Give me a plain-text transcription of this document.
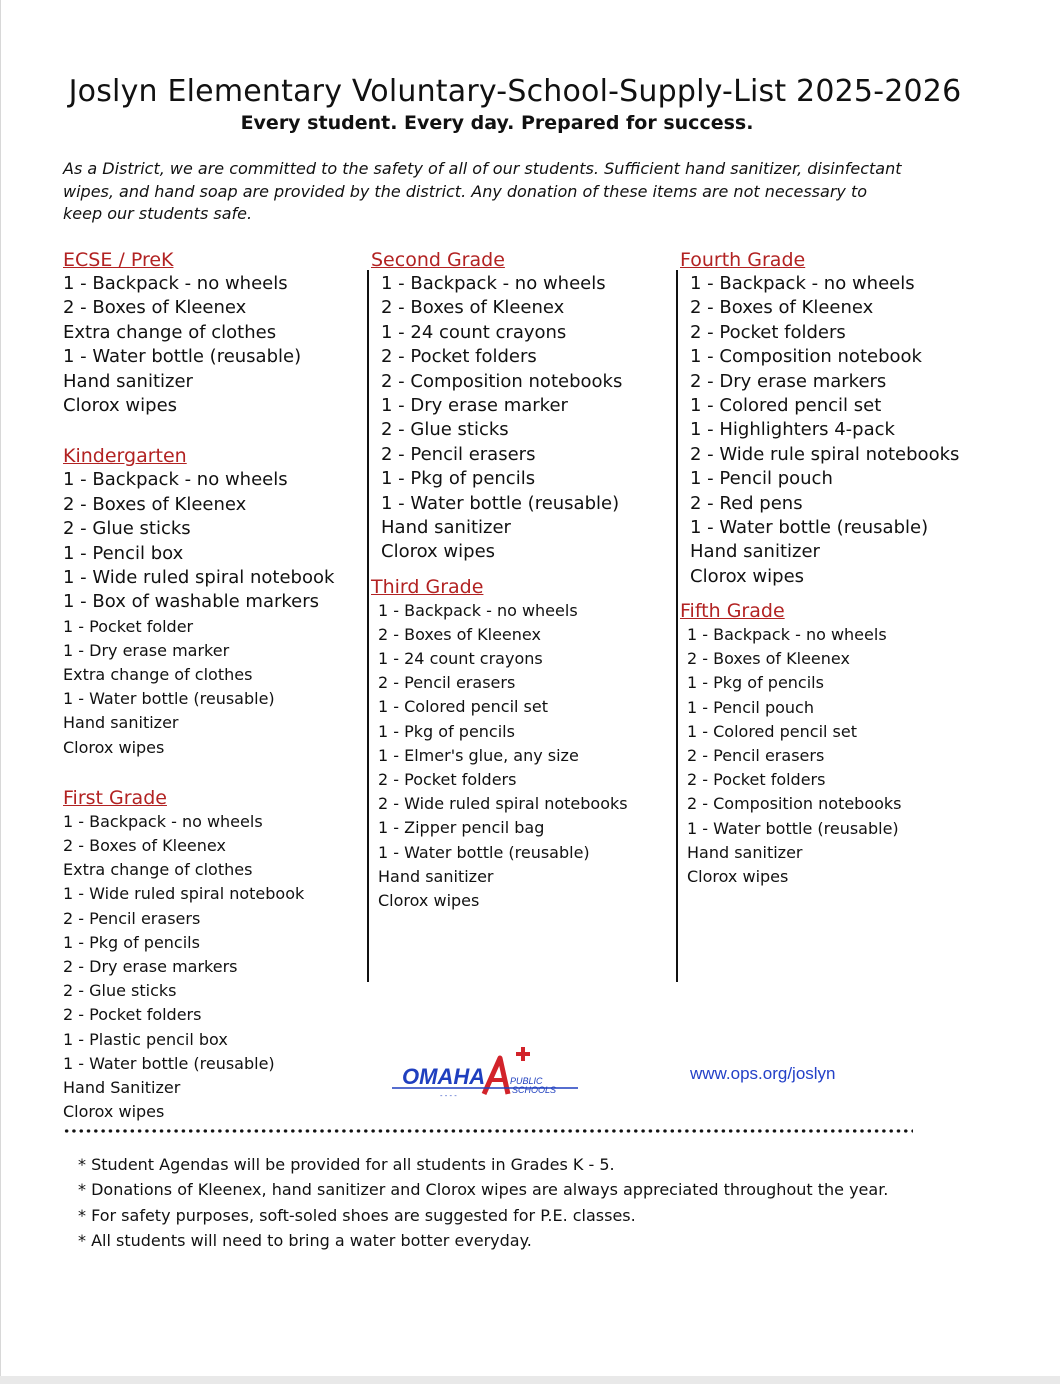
Joslyn Elementary Voluntary-School-Supply-List 2025-2026
Every student. Every day. Prepared for success.
As a District, we are committed to the safety of all of our students. Sufficient hand sanitizer, disinfectant
wipes, and hand soap are provided by the district. Any donation of these items are not necessary to
keep our students safe.
ECSE / PreK
1 - Backpack - no wheels
2 - Boxes of Kleenex
Extra change of clothes
1 - Water bottle (reusable)
Hand sanitizer
Clorox wipes
Kindergarten
1 - Backpack - no wheels
2 - Boxes of Kleenex
2 - Glue sticks
1 - Pencil box
1 - Wide ruled spiral notebook
1 - Box of washable markers
1 - Pocket folder
1 - Dry erase marker
Extra change of clothes
1 - Water bottle (reusable)
Hand sanitizer
Clorox wipes
First Grade
1 - Backpack - no wheels
2 - Boxes of Kleenex
Extra change of clothes
1 - Wide ruled spiral notebook
2 - Pencil erasers
1 - Pkg of pencils
2 - Dry erase markers
2 - Glue sticks
2 - Pocket folders
1 - Plastic pencil box
1 - Water bottle (reusable)
Hand Sanitizer
Clorox wipes
Second Grade
1 - Backpack - no wheels
2 - Boxes of Kleenex
1 - 24 count crayons
2 - Pocket folders
2 - Composition notebooks
1 - Dry erase marker
2 - Glue sticks
2 - Pencil erasers
1 - Pkg of pencils
1 - Water bottle (reusable)
Hand sanitizer
Clorox wipes
Third Grade
1 - Backpack - no wheels
2 - Boxes of Kleenex
1 - 24 count crayons
2 - Pencil erasers
1 - Colored pencil set
1 - Pkg of pencils
1 - Elmer's glue, any size
2 - Pocket folders
2 - Wide ruled spiral notebooks
1 - Zipper pencil bag
1 - Water bottle (reusable)
Hand sanitizer
Clorox wipes
Fourth Grade
1 - Backpack - no wheels
2 - Boxes of Kleenex
2 - Pocket folders
1 - Composition notebook
2 - Dry erase markers
1 - Colored pencil set
1 - Highlighters 4-pack
2 - Wide rule spiral notebooks
1 - Pencil pouch
2 - Red pens
1 - Water bottle (reusable)
Hand sanitizer
Clorox wipes
Fifth Grade
1 - Backpack - no wheels
2 - Boxes of Kleenex
1 - Pkg of pencils
1 - Pencil pouch
1 - Colored pencil set
2 - Pencil erasers
2 - Pocket folders
2 - Composition notebooks
1 - Water bottle (reusable)
Hand sanitizer
Clorox wipes
OMAHA	PUBLIC
SCHOOLS
- - - -
www.ops.org/joslyn
* Student Agendas will be provided for all students in Grades K - 5.
* Donations of Kleenex, hand sanitizer and Clorox wipes are always appreciated throughout the year.
* For safety purposes, soft-soled shoes are suggested for P.E. classes.
* All students will need to bring a water botter everyday.
